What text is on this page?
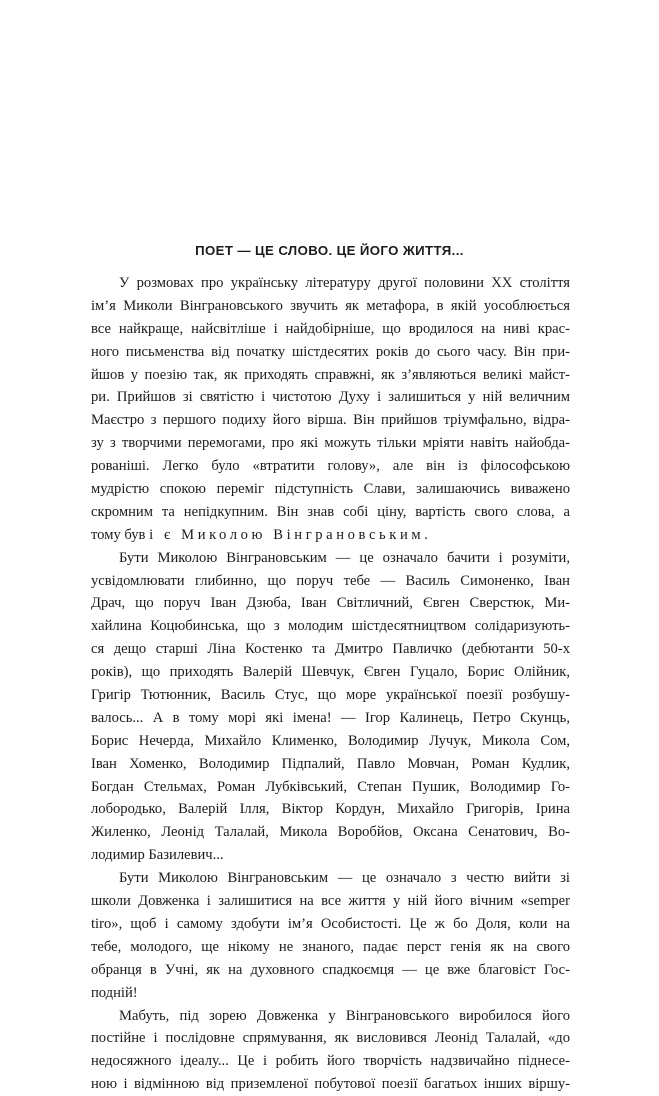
ПОЕТ — ЦЕ СЛОВО. ЦЕ ЙОГО ЖИТТЯ...
У розмовах про українську літературу другої половини XX століття
ім’я Миколи Вінграновського звучить як метафора, в якій уособлюється
все найкраще, найсвітліше і найдобірніше, що вродилося на ниві крас-
ного письменства від початку шістдесятих років до сього часу. Він при-
йшов у поезію так, як приходять справжні, як з’являються великі майст-
ри. Прийшов зі святістю і чистотою Духу і залишиться у ній величним
Маєстро з першого подиху його вірша. Він прийшов тріумфально, відра-
зу з творчими перемогами, про які можуть тільки мріяти навіть найобда-
рованіші. Легко було «втратити голову», але він із філософською
мудрістю спокою переміг підступність Слави, залишаючись виважено
скромним та непідкупним. Він знав собі ціну, вартість свого слова, а
тому був і є Миколою Вінграновським.
Бути Миколою Вінграновським — це означало бачити і розуміти,
усвідомлювати глибинно, що поруч тебе — Василь Симоненко, Іван
Драч, що поруч Іван Дзюба, Іван Світличний, Євген Сверстюк, Ми-
хайлина Коцюбинська, що з молодим шістдесятництвом солідаризують-
ся дещо старші Ліна Костенко та Дмитро Павличко (дебютанти 50-х
років), що приходять Валерій Шевчук, Євген Гуцало, Борис Олійник,
Григір Тютюнник, Василь Стус, що море української поезії розбушу-
валось... А в тому морі які імена! — Ігор Калинець, Петро Скунць,
Борис Нечерда, Михайло Клименко, Володимир Лучук, Микола Сом,
Іван Хоменко, Володимир Підпалий, Павло Мовчан, Роман Кудлик,
Богдан Стельмах, Роман Лубківський, Степан Пушик, Володимир Го-
лобородько, Валерій Ілля, Віктор Кордун, Михайло Григорів, Ірина
Жиленко, Леонід Талалай, Микола Воробйов, Оксана Сенатович, Во-
лодимир Базилевич...
Бути Миколою Вінграновським — це означало з честю вийти зі
школи Довженка і залишитися на все життя у ній його вічним «semper
tiro», щоб і самому здобути ім’я Особистості. Це ж бо Доля, коли на
тебе, молодого, ще нікому не знаного, падає перст генія як на свого
обранця в Учні, як на духовного спадкоємця — це вже благовіст Гос-
подній!
Мабуть, під зорею Довженка у Вінграновського виробилося його
постійне і послідовне спрямування, як висловився Леонід Талалай, «до
недосяжного ідеалу... Це і робить його творчість надзвичайно піднесе-
ною і відмінною від приземленої побутової поезії багатьох інших віршу-
